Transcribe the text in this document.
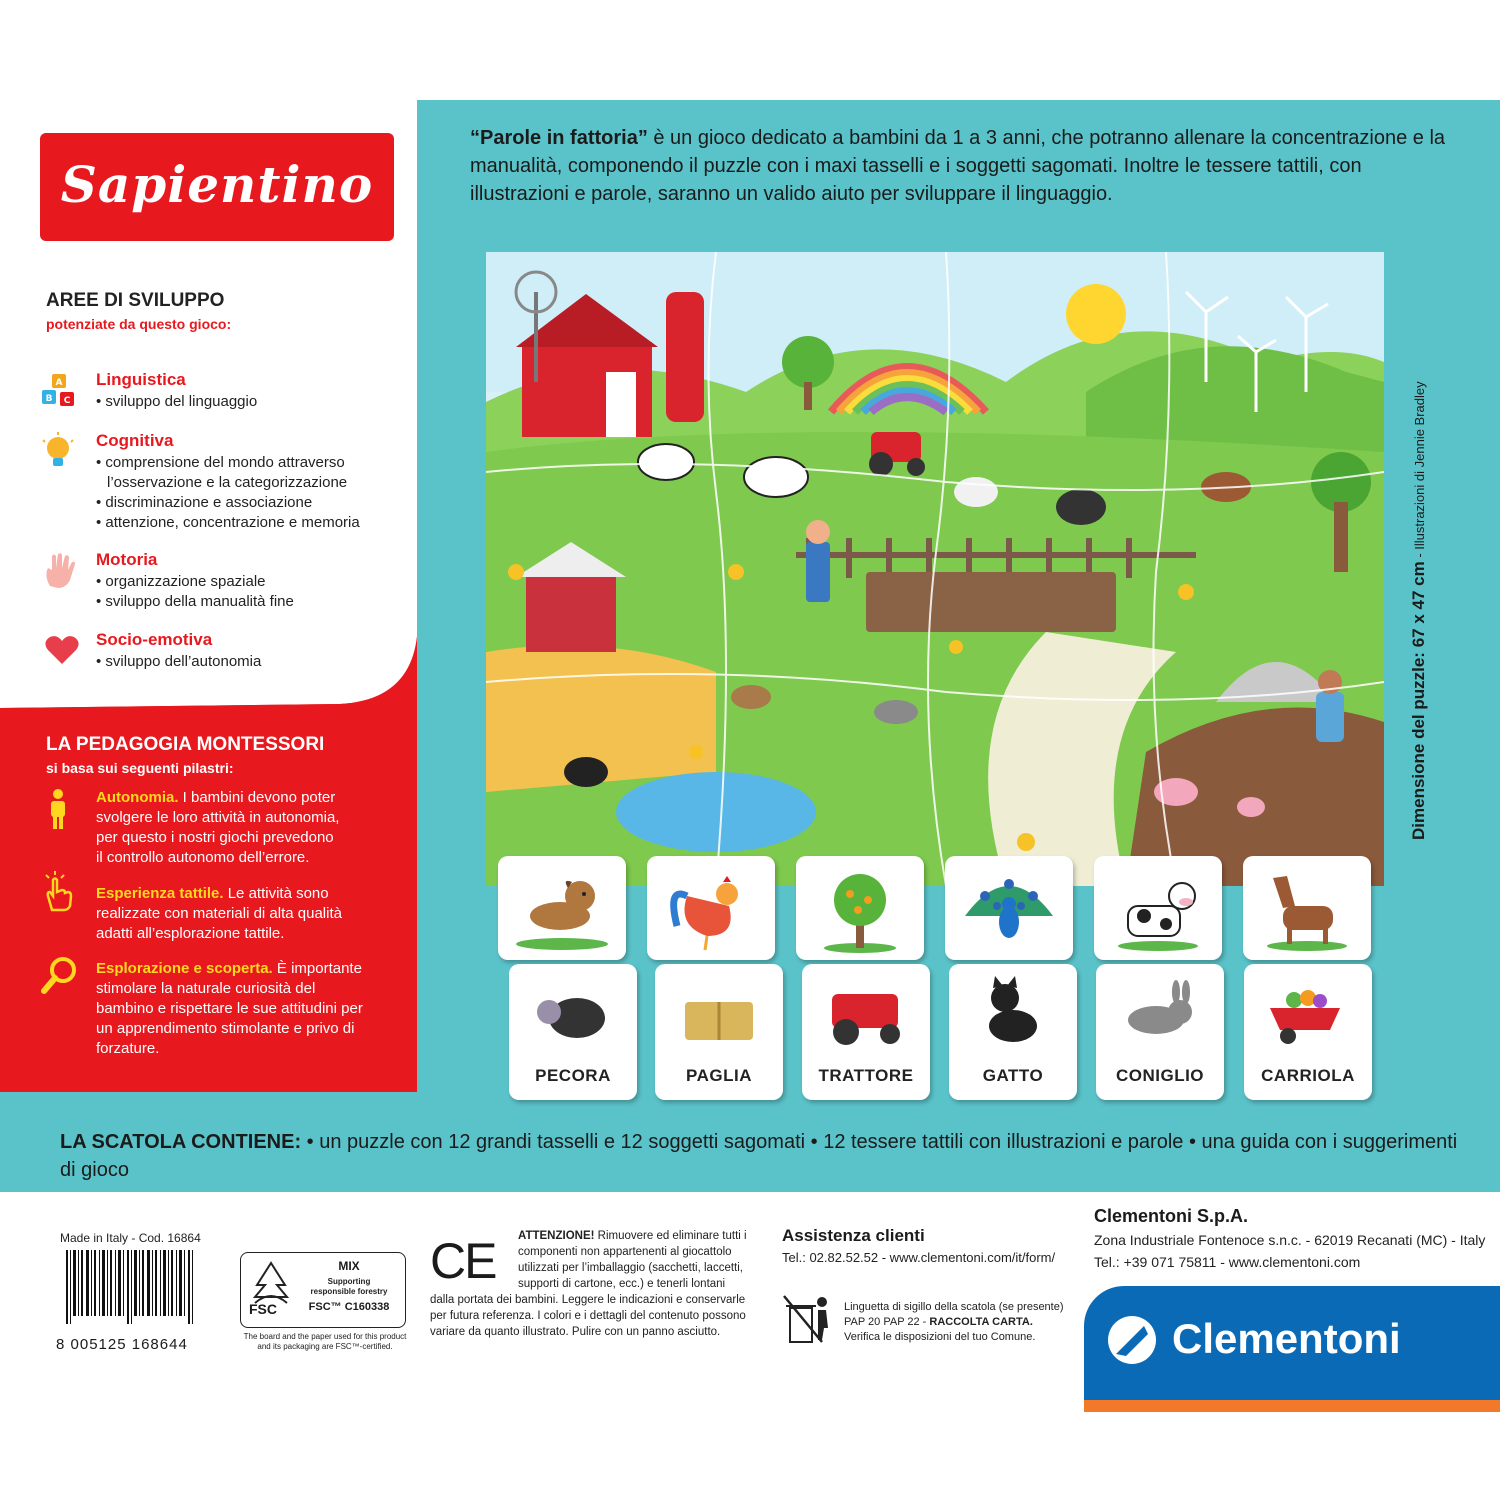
Sapientino
AREE DI SVILUPPO
potenziate da questo gioco:
A
B C
Linguistica
• sviluppo del linguaggio
Cognitiva
• comprensione del mondo attraverso
l’osservazione e la categorizzazione
• discriminazione e associazione
• attenzione, concentrazione e memoria
Motoria
• organizzazione spaziale
• sviluppo della manualità fine
Socio-emotiva
• sviluppo dell’autonomia
LA PEDAGOGIA MONTESSORI
si basa sui seguenti pilastri:
Autonomia. I bambini devono poter
svolgere le loro attività in autonomia,
per questo i nostri giochi prevedono
il controllo autonomo dell’errore.
Esperienza tattile. Le attività sono
realizzate con materiali di alta qualità
adatti all’esplorazione tattile.
Esplorazione e scoperta. È importante
stimolare la naturale curiosità del
bambino e rispettare le sue attitudini per
un apprendimento stimolante e privo di
forzature.
“Parole in fattoria” è un gioco dedicato a bambini da 1 a 3 anni, che potranno allenare la concentrazione e la manualità, componendo il puzzle con i maxi tasselli e i soggetti sagomati. Inoltre le tessere tattili, con illustrazioni e parole, saranno un valido aiuto per sviluppare il linguaggio.
Dimensione del puzzle: 67 x 47 cm - Illustrazioni di Jennie Bradley
PECORA	PAGLIA	TRATTORE	GATTO	CONIGLIO	CARRIOLA
LA SCATOLA CONTIENE: • un puzzle con 12 grandi tasselli e 12 soggetti sagomati • 12 tessere tattili con illustrazioni e parole • una guida con i suggerimenti di gioco
Made in Italy - Cod. 16864
8 005125 168644
FSC
MIX
Supporting
responsible forestry
FSC™ C160338
The board and the paper used for this product
and its packaging are FSC™-certified.
CE	ATTENZIONE! Rimuovere ed eliminare tutti i
componenti non appartenenti al giocattolo
utilizzati per l’imballaggio (sacchetti, laccetti,
supporti di cartone, ecc.) e tenerli lontani
dalla portata dei bambini. Leggere le indicazioni e conservarle
per futura referenza. I colori e i dettagli del contenuto possono
variare da quanto illustrato. Pulire con un panno asciutto.
Assistenza clienti
Tel.: 02.82.52.52 - www.clementoni.com/it/form/
Linguetta di sigillo della scatola (se presente)
PAP 20 PAP 22 - RACCOLTA CARTA.
Verifica le disposizioni del tuo Comune.
Clementoni S.p.A.
Zona Industriale Fontenoce s.n.c. - 62019 Recanati (MC) - Italy
Tel.: +39 071 75811 - www.clementoni.com
Clementoni
